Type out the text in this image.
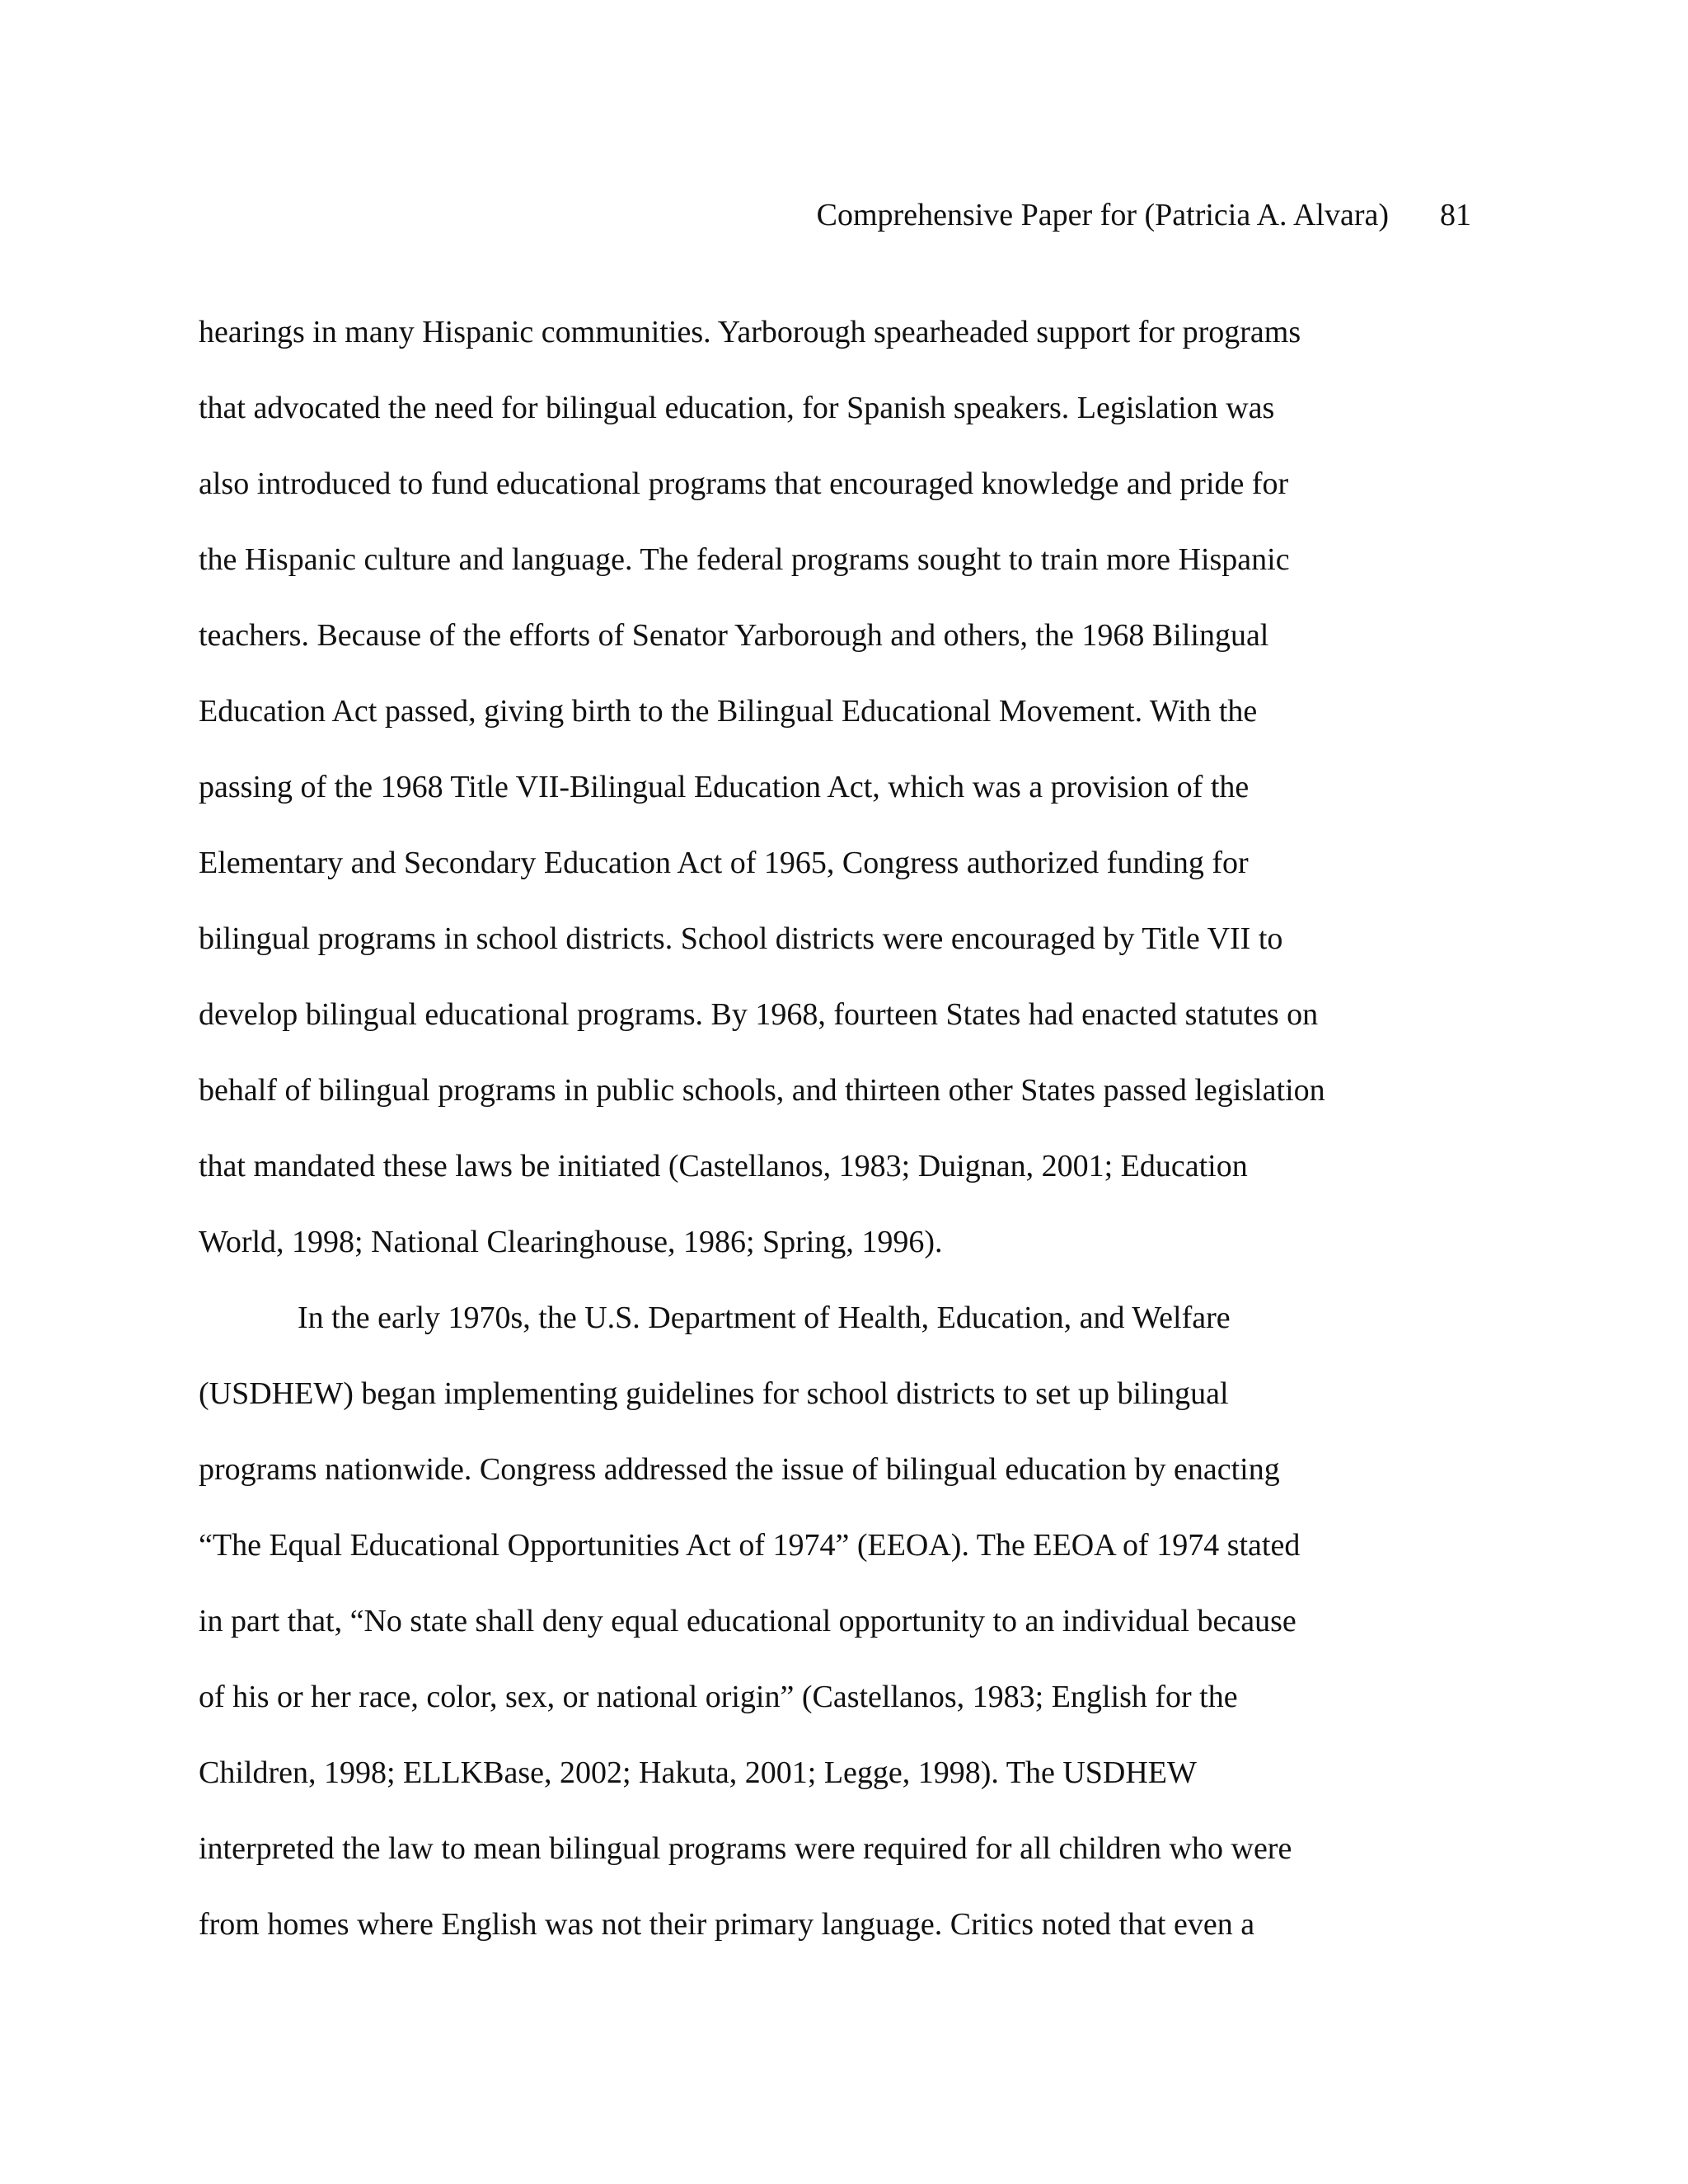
Comprehensive Paper for (Patricia A. Alvara) 81
hearings in many Hispanic communities. Yarborough spearheaded support for programs
that advocated the need for bilingual education, for Spanish speakers. Legislation was
also introduced to fund educational programs that encouraged knowledge and pride for
the Hispanic culture and language. The federal programs sought to train more Hispanic
teachers. Because of the efforts of Senator Yarborough and others, the 1968 Bilingual
Education Act passed, giving birth to the Bilingual Educational Movement. With the
passing of the 1968 Title VII-Bilingual Education Act, which was a provision of the
Elementary and Secondary Education Act of 1965, Congress authorized funding for
bilingual programs in school districts. School districts were encouraged by Title VII to
develop bilingual educational programs. By 1968, fourteen States had enacted statutes on
behalf of bilingual programs in public schools, and thirteen other States passed legislation
that mandated these laws be initiated (Castellanos, 1983; Duignan, 2001; Education
World, 1998; National Clearinghouse, 1986; Spring, 1996).
In the early 1970s, the U.S. Department of Health, Education, and Welfare
(USDHEW) began implementing guidelines for school districts to set up bilingual
programs nationwide. Congress addressed the issue of bilingual education by enacting
“The Equal Educational Opportunities Act of 1974” (EEOA). The EEOA of 1974 stated
in part that, “No state shall deny equal educational opportunity to an individual because
of his or her race, color, sex, or national origin” (Castellanos, 1983; English for the
Children, 1998; ELLKBase, 2002; Hakuta, 2001; Legge, 1998). The USDHEW
interpreted the law to mean bilingual programs were required for all children who were
from homes where English was not their primary language. Critics noted that even a
